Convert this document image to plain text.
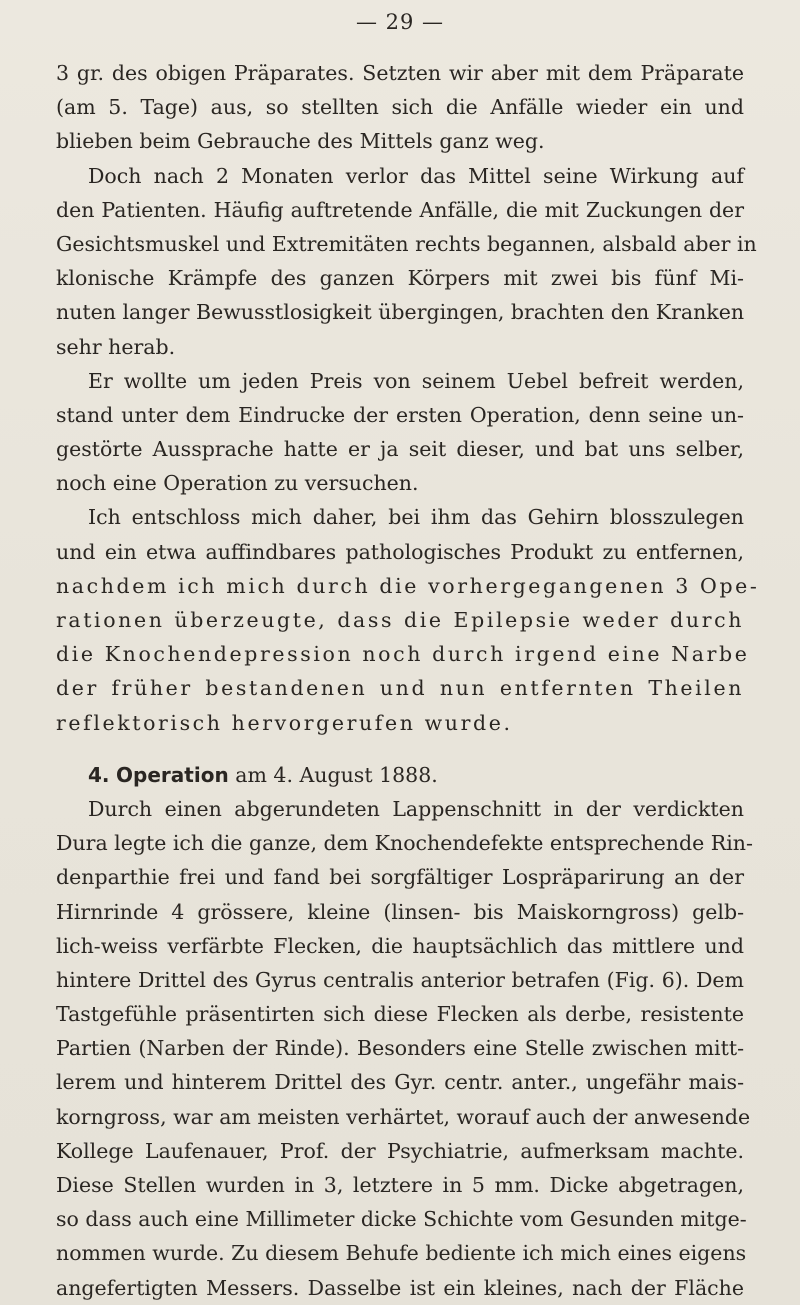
— 29 —
3 gr. des obigen Präparates. Setzten wir aber mit dem Präparate
(am 5. Tage) aus, so stellten sich die Anfälle wieder ein und
blieben beim Gebrauche des Mittels ganz weg.
Doch nach 2 Monaten verlor das Mittel seine Wirkung auf
den Patienten. Häufig auftretende Anfälle, die mit Zuckungen der
Gesichtsmuskel und Extremitäten rechts begannen, alsbald aber in
klonische Krämpfe des ganzen Körpers mit zwei bis fünf Mi-
nuten langer Bewusstlosigkeit übergingen, brachten den Kranken
sehr herab.
Er wollte um jeden Preis von seinem Uebel befreit werden,
stand unter dem Eindrucke der ersten Operation, denn seine un-
gestörte Aussprache hatte er ja seit dieser, und bat uns selber,
noch eine Operation zu versuchen.
Ich entschloss mich daher, bei ihm das Gehirn blosszulegen
und ein etwa auffindbares pathologisches Produkt zu entfernen,
nachdem ich mich durch die vorhergegangenen 3 Ope-
rationen überzeugte, dass die Epilepsie weder durch
die Knochendepression noch durch irgend eine Narbe
der früher bestandenen und nun entfernten Theilen
reflektorisch hervorgerufen wurde.
4. Operation am 4. August 1888.
Durch einen abgerundeten Lappenschnitt in der verdickten
Dura legte ich die ganze, dem Knochendefekte entsprechende Rin-
denparthie frei und fand bei sorgfältiger Lospräparirung an der
Hirnrinde 4 grössere, kleine (linsen- bis Maiskorngross) gelb-
lich-weiss verfärbte Flecken, die hauptsächlich das mittlere und
hintere Drittel des Gyrus centralis anterior betrafen (Fig. 6). Dem
Tastgefühle präsentirten sich diese Flecken als derbe, resistente
Partien (Narben der Rinde). Besonders eine Stelle zwischen mitt-
lerem und hinterem Drittel des Gyr. centr. anter., ungefähr mais-
korngross, war am meisten verhärtet, worauf auch der anwesende
Kollege Laufenauer, Prof. der Psychiatrie, aufmerksam machte.
Diese Stellen wurden in 3, letztere in 5 mm. Dicke abgetragen,
so dass auch eine Millimeter dicke Schichte vom Gesunden mitge-
nommen wurde. Zu diesem Behufe bediente ich mich eines eigens
angefertigten Messers. Dasselbe ist ein kleines, nach der Fläche
